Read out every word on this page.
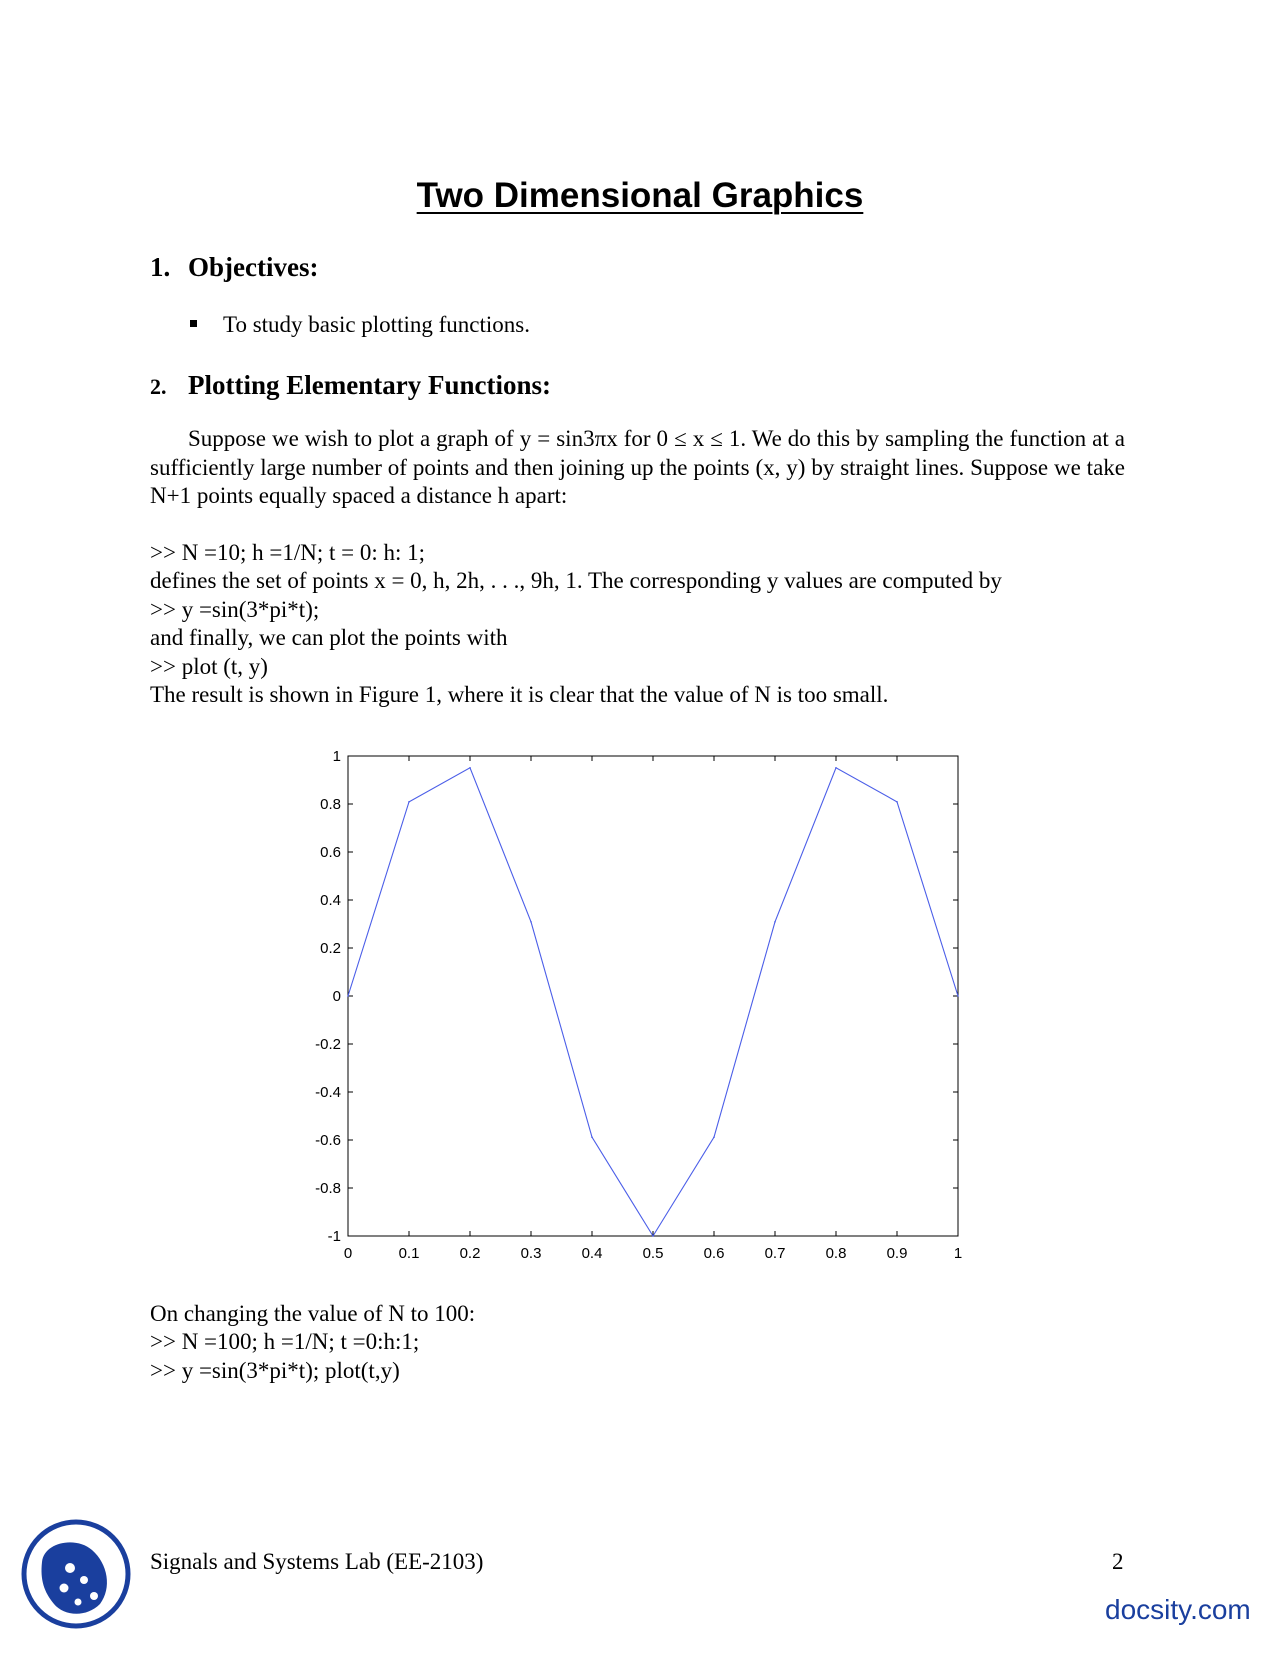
Two Dimensional Graphics
1. Objectives:
To study basic plotting functions.
2. Plotting Elementary Functions:
Suppose we wish to plot a graph of y = sin3πx for 0 ≤ x ≤ 1. We do this by sampling the function at a sufficiently large number of points and then joining up the points (x, y) by straight lines. Suppose we take N+1 points equally spaced a distance h apart:
>> N =10; h =1/N; t = 0: h: 1;
defines the set of points x = 0, h, 2h, . . ., 9h, 1. The corresponding y values are computed by
>> y =sin(3*pi*t);
and finally, we can plot the points with
>> plot (t, y)
The result is shown in Figure 1, where it is clear that the value of N is too small.
0	0.1	0.2	0.3	0.4	0.5	0.6	0.7	0.8	0.9	1
-1
-0.8
-0.6
-0.4
-0.2
0
0.2
0.4
0.6
0.8
1
On changing the value of N to 100:
>> N =100; h =1/N; t =0:h:1;
>> y =sin(3*pi*t); plot(t,y)
Signals and Systems Lab (EE-2103)	2
docsity.com
